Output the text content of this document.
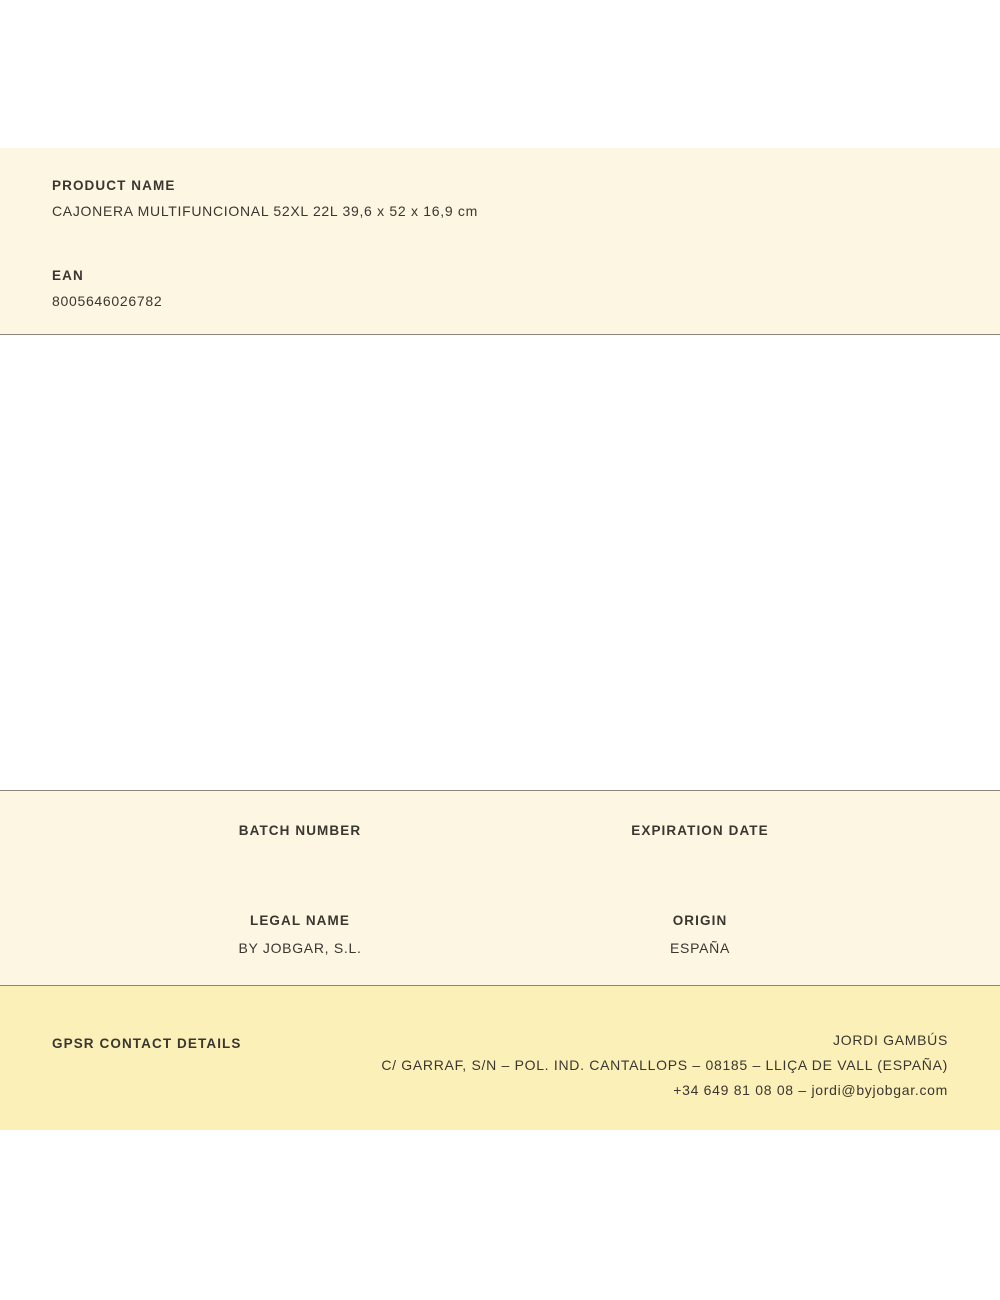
PRODUCT NAME

CAJONERA MULTIFUNCIONAL 52XL 22L 39,6 x 52 x 16,9 cm

EAN

8005646026782

BATCH NUMBER	EXPIRATION DATE

LEGAL NAME

BY JOBGAR, S.L.

ORIGIN

ESPAÑA

GPSR CONTACT DETAILS	JORDI GAMBÚS

C/ GARRAF, S/N – POL. IND. CANTALLOPS – 08185 – LLIÇA DE VALL (ESPAÑA)

+34 649 81 08 08 – jordi@byjobgar.com
